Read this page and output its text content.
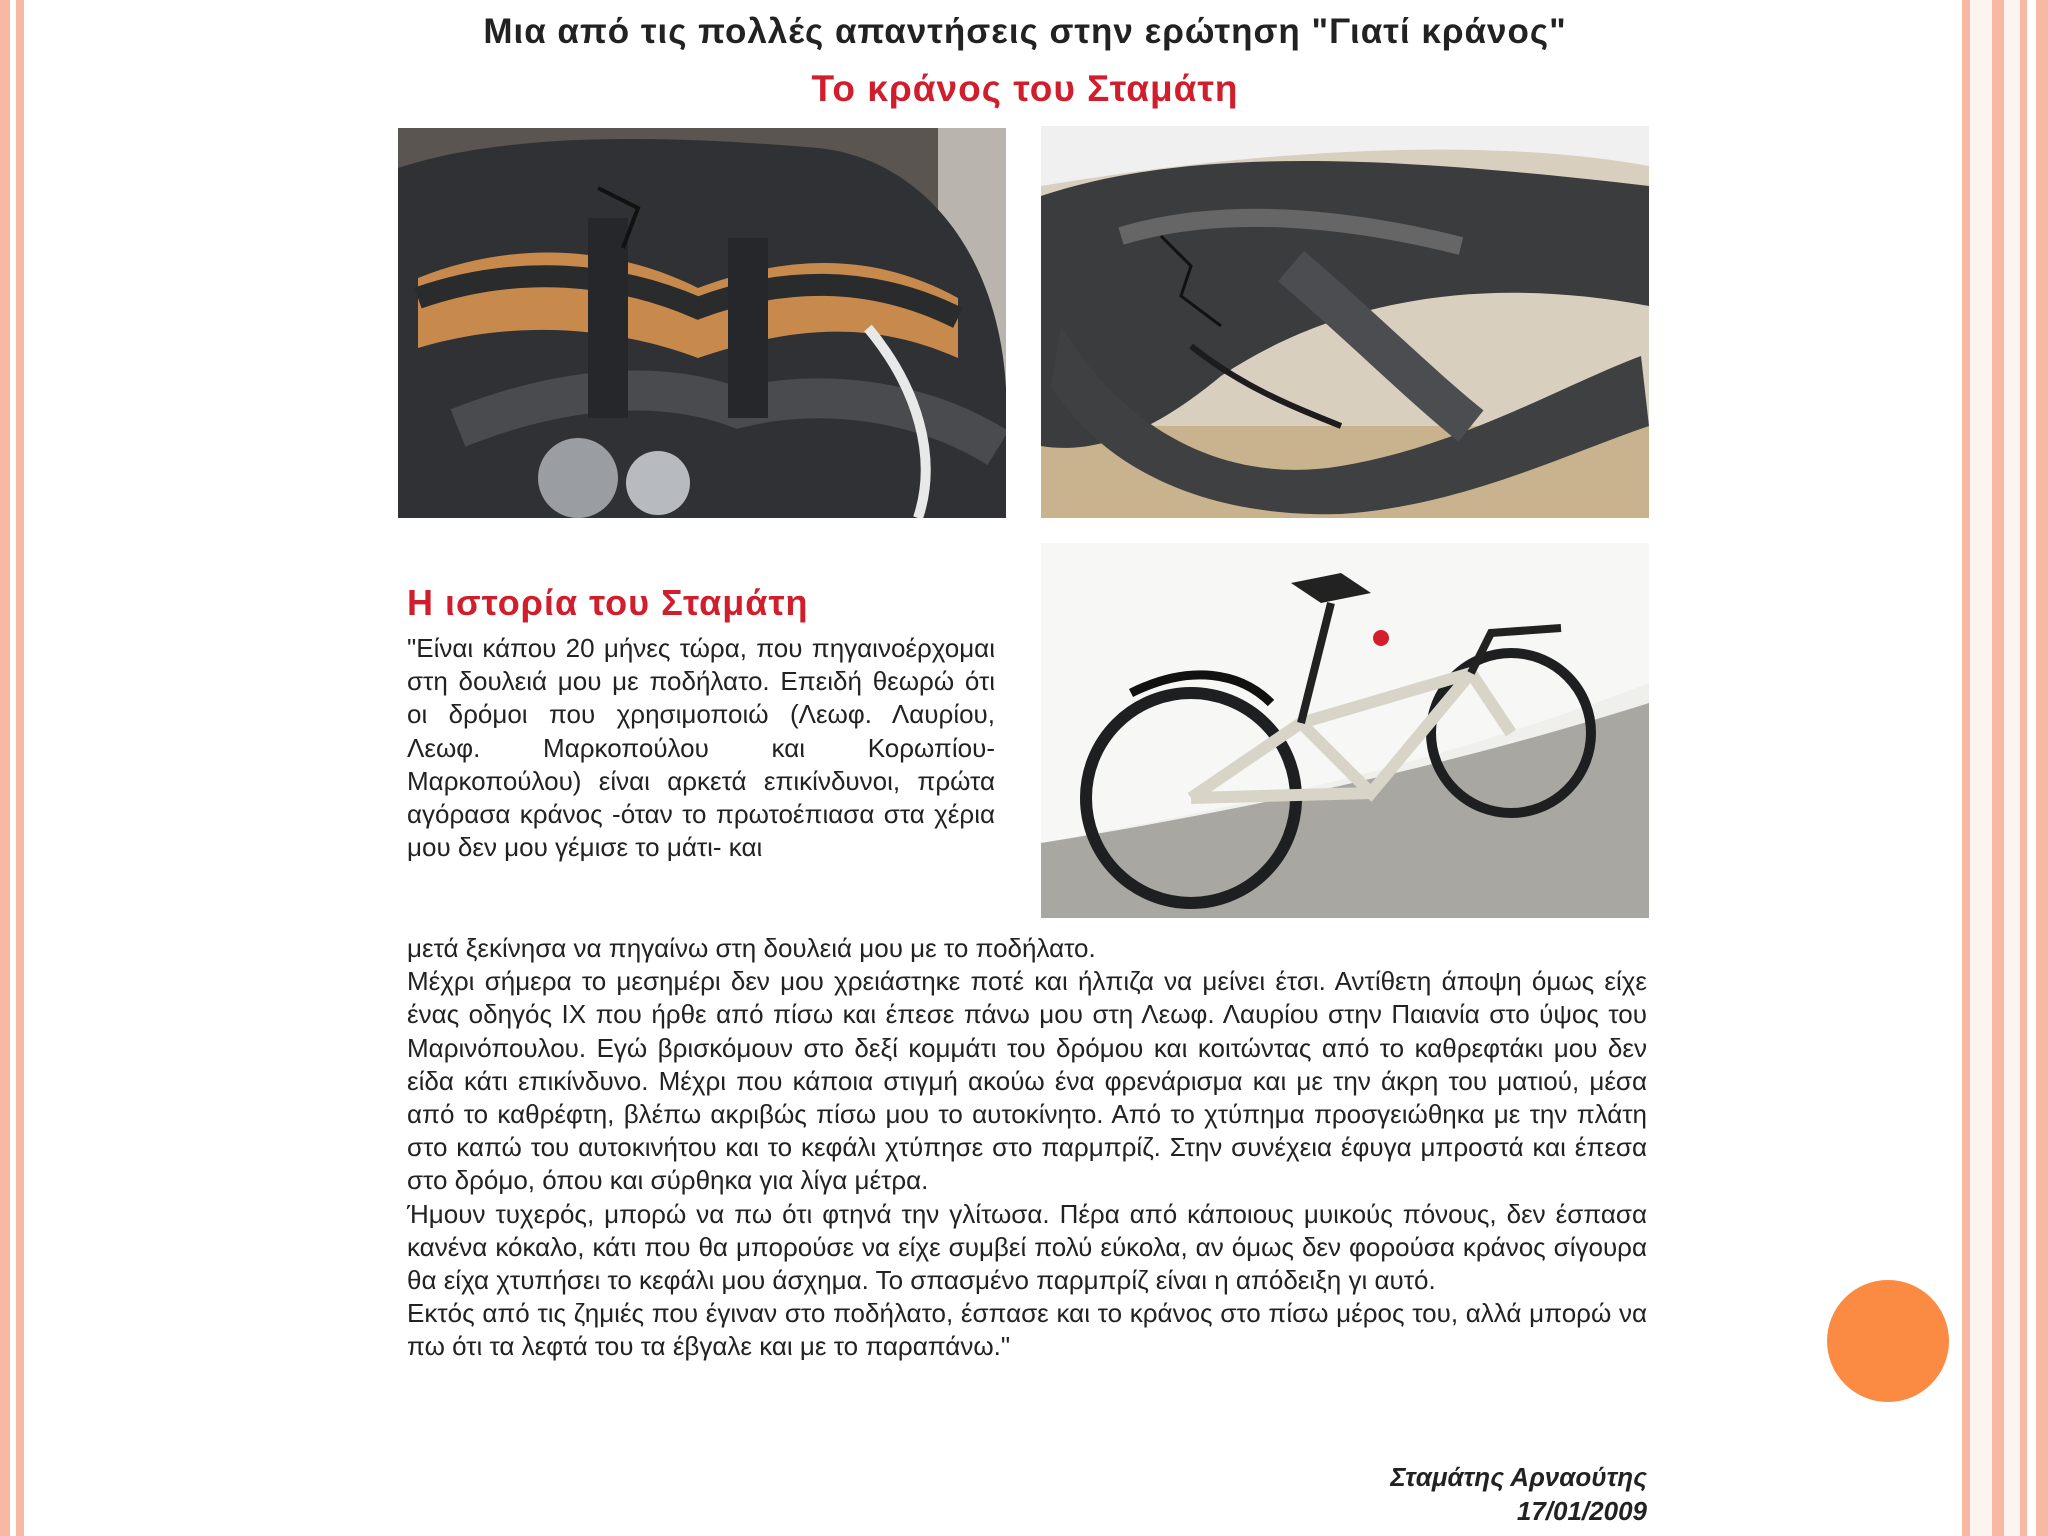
Μια από τις πολλές απαντήσεις στην ερώτηση "Γιατί κράνος"
Το κράνος του Σταμάτη
Η ιστορία του Σταμάτη
"Είναι κάπου 20 μήνες τώρα, που πηγαινοέρχομαι στη δουλειά μου με ποδήλατο. Επειδή θεωρώ ότι οι δρόμοι που χρησιμοποιώ (Λεωφ. Λαυρίου, Λεωφ. Μαρκοπούλου και Κορωπίου-Μαρκοπούλου) είναι αρκετά επικίνδυνοι, πρώτα αγόρασα κράνος -όταν το πρωτοέπιασα στα χέρια μου δεν μου γέμισε το μάτι- και

μετά ξεκίνησα να πηγαίνω στη δουλειά μου με το ποδήλατο.

Μέχρι σήμερα το μεσημέρι δεν μου χρειάστηκε ποτέ και ήλπιζα να μείνει έτσι. Αντίθετη άποψη όμως είχε ένας οδηγός ΙΧ που ήρθε από πίσω και έπεσε πάνω μου στη Λεωφ. Λαυρίου στην Παιανία στο ύψος του Μαρινόπουλου. Εγώ βρισκόμουν στο δεξί κομμάτι του δρόμου και κοιτώντας από το καθρεφτάκι μου δεν είδα κάτι επικίνδυνο. Μέχρι που κάποια στιγμή ακούω ένα φρενάρισμα και με την άκρη του ματιού, μέσα από το καθρέφτη, βλέπω ακριβώς πίσω μου το αυτοκίνητο. Από το χτύπημα προσγειώθηκα με την πλάτη στο καπώ του αυτοκινήτου και το κεφάλι χτύπησε στο παρμπρίζ. Στην συνέχεια έφυγα μπροστά και έπεσα στο δρόμο, όπου και σύρθηκα για λίγα μέτρα.

Ήμουν τυχερός, μπορώ να πω ότι φτηνά την γλίτωσα. Πέρα από κάποιους μυικούς πόνους, δεν έσπασα κανένα κόκαλο, κάτι που θα μπορούσε να είχε συμβεί πολύ εύκολα, αν όμως δεν φορούσα κράνος σίγουρα θα είχα χτυπήσει το κεφάλι μου άσχημα. Το σπασμένο παρμπρίζ είναι η απόδειξη γι αυτό.

Εκτός από τις ζημιές που έγιναν στο ποδήλατο, έσπασε και το κράνος στο πίσω μέρος του, αλλά μπορώ να πω ότι τα λεφτά του τα έβγαλε και με το παραπάνω."

Σταμάτης Αρναούτης
17/01/2009
